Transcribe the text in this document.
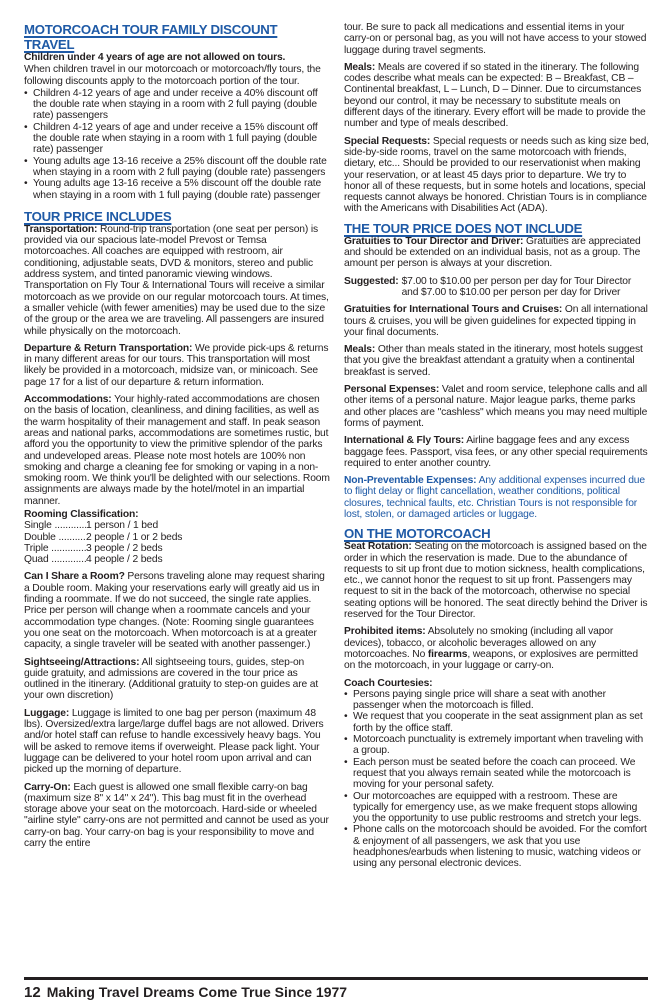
MOTORCOACH TOUR FAMILY DISCOUNT TRAVEL
Children under 4 years of age are not allowed on tours.

When children travel in our motorcoach or motorcoach/fly tours, the following discounts apply to the motorcoach portion of the tour.

• Children 4-12 years of age and under receive a 40% discount off the double rate when staying in a room with 2 full paying (double rate) passengers
• Children 4-12 years of age and under receive a 15% discount off the double rate when staying in a room with 1 full paying (double rate) passenger
• Young adults age 13-16 receive a 25% discount off the double rate when staying in a room with 2 full paying (double rate) passengers
• Young adults age 13-16 receive a 5% discount off the double rate when staying in a room with 1 full paying (double rate) passenger
TOUR PRICE INCLUDES

Transportation: Round-trip transportation (one seat per person) is provided via our spacious late-model Prevost or Temsa motorcoaches. All coaches are equipped with restroom, air conditioning, adjustable seats, DVD & monitors, stereo and public address system, and tinted panoramic viewing windows. Transportation on Fly Tour & International Tours will receive a similar motorcoach as we provide on our regular motorcoach tours. At times, a smaller vehicle (with fewer amenities) may be used due to the size of the group or the area we are traveling. All passengers are insured while physically on the motorcoach.

Departure & Return Transportation: We provide pick-ups & returns in many different areas for our tours. This transportation will most likely be provided in a motorcoach, midsize van, or minicoach. See page 17 for a list of our departure & return information.

Accommodations: Your highly-rated accommodations are chosen on the basis of location, cleanliness, and dining facilities, as well as the warm hospitality of their management and staff. In peak season areas and national parks, accommodations are sometimes rustic, but afford you the opportunity to view the primitive splendor of the parks and undeveloped areas. Please note most hotels are 100% non smoking and charge a cleaning fee for smoking or vaping in a non-smoking room. We think you'll be delighted with our selections. Room assignments are always made by the hotel/motel in an impartial manner.

Rooming Classification:
Single .....	1 person / 1 bed
Double .....	2 people / 1 or 2 beds
Triple .....	3 people / 2 beds
Quad .....	4 people / 2 beds

Can I Share a Room? Persons traveling alone may request sharing a Double room. Making your reservations early will greatly aid us in finding a roommate. If we do not succeed, the single rate applies. Price per person will change when a roommate cancels and your accommodation type changes. (Note: Rooming single guarantees you one seat on the motorcoach. When motorcoach is at a greater capacity, a single traveler will be seated with another passenger.)

Sightseeing/Attractions: All sightseeing tours, guides, step-on guide gratuity, and admissions are covered in the tour price as outlined in the itinerary. (Additional gratuity to step-on guides are at your own discretion)

Luggage: Luggage is limited to one bag per person (maximum 48 lbs). Oversized/extra large/large duffel bags are not allowed. Drivers and/or hotel staff can refuse to handle excessively heavy bags. You will be asked to remove items if overweight. Please pack light. Your luggage can be delivered to your hotel room upon arrival and can picked up the morning of departure.

Carry-On: Each guest is allowed one small flexible carry-on bag (maximum size 8" x 14" x 24"). This bag must fit in the overhead storage above your seat on the motorcoach. Hard-side or wheeled "airline style" carry-ons are not permitted and cannot be used as your carry-on bag. Your carry-on bag is your responsibility to move and carry the entire

tour. Be sure to pack all medications and essential items in your carry-on or personal bag, as you will not have access to your stowed luggage during travel segments.

Meals: Meals are covered if so stated in the itinerary. The following codes describe what meals can be expected: B – Breakfast, CB – Continental breakfast, L – Lunch, D – Dinner. Due to circumstances beyond our control, it may be necessary to substitute meals on different days of the itinerary. Every effort will be made to provide the number and type of meals described.

Special Requests: Special requests or needs such as king size bed, side-by-side rooms, travel on the same motorcoach with friends, dietary, etc... Should be provided to our reservationist when making your reservation, or at least 45 days prior to departure. We try to honor all of these requests, but in some hotels and locations, special requests cannot always be honored. Christian Tours is in compliance with the Americans with Disabilities Act (ADA).

THE TOUR PRICE DOES NOT INCLUDE

Gratuities to Tour Director and Driver: Gratuities are appreciated and should be extended on an individual basis, not as a group. The amount per person is always at your discretion.

Suggested: $7.00 to $10.00 per person per day for Tour Director
and $7.00 to $10.00 per person per day for Driver

Gratuities for International Tours and Cruises: On all international tours & cruises, you will be given guidelines for expected tipping in your final documents.

Meals: Other than meals stated in the itinerary, most hotels suggest that you give the breakfast attendant a gratuity when a continental breakfast is served.

Personal Expenses: Valet and room service, telephone calls and all other items of a personal nature. Major league parks, theme parks and other places are "cashless" which means you may need multiple forms of payment.

International & Fly Tours: Airline baggage fees and any excess baggage fees. Passport, visa fees, or any other special requirements required to enter another country.

Non-Preventable Expenses: Any additional expenses incurred due to flight delay or flight cancellation, weather conditions, political closures, technical faults, etc. Christian Tours is not responsible for lost, stolen, or damaged articles or luggage.

ON THE MOTORCOACH

Seat Rotation: Seating on the motorcoach is assigned based on the order in which the reservation is made. Due to the abundance of requests to sit up front due to motion sickness, health complications, etc., we cannot honor the request to sit up front. Passengers may request to sit in the back of the motorcoach, otherwise no special seating options will be honored. The seat directly behind the Driver is reserved for the Tour Director.

Prohibited items: Absolutely no smoking (including all vapor devices), tobacco, or alcoholic beverages allowed on any motorcoaches. No firearms, weapons, or explosives are permitted on the motorcoach, in your luggage or carry-on.

Coach Courtesies:
• Persons paying single price will share a seat with another passenger when the motorcoach is filled.
• We request that you cooperate in the seat assignment plan as set forth by the office staff.
• Motorcoach punctuality is extremely important when traveling with a group.
• Each person must be seated before the coach can proceed. We request that you always remain seated while the motorcoach is moving for your personal safety.
• Our motorcoaches are equipped with a restroom. These are typically for emergency use, as we make frequent stops allowing you the opportunity to use public restrooms and stretch your legs.
• Phone calls on the motorcoach should be avoided. For the comfort & enjoyment of all passengers, we ask that you use headphones/earbuds when listening to music, watching videos or using any personal electronic devices.
12 Making Travel Dreams Come True Since 1977
